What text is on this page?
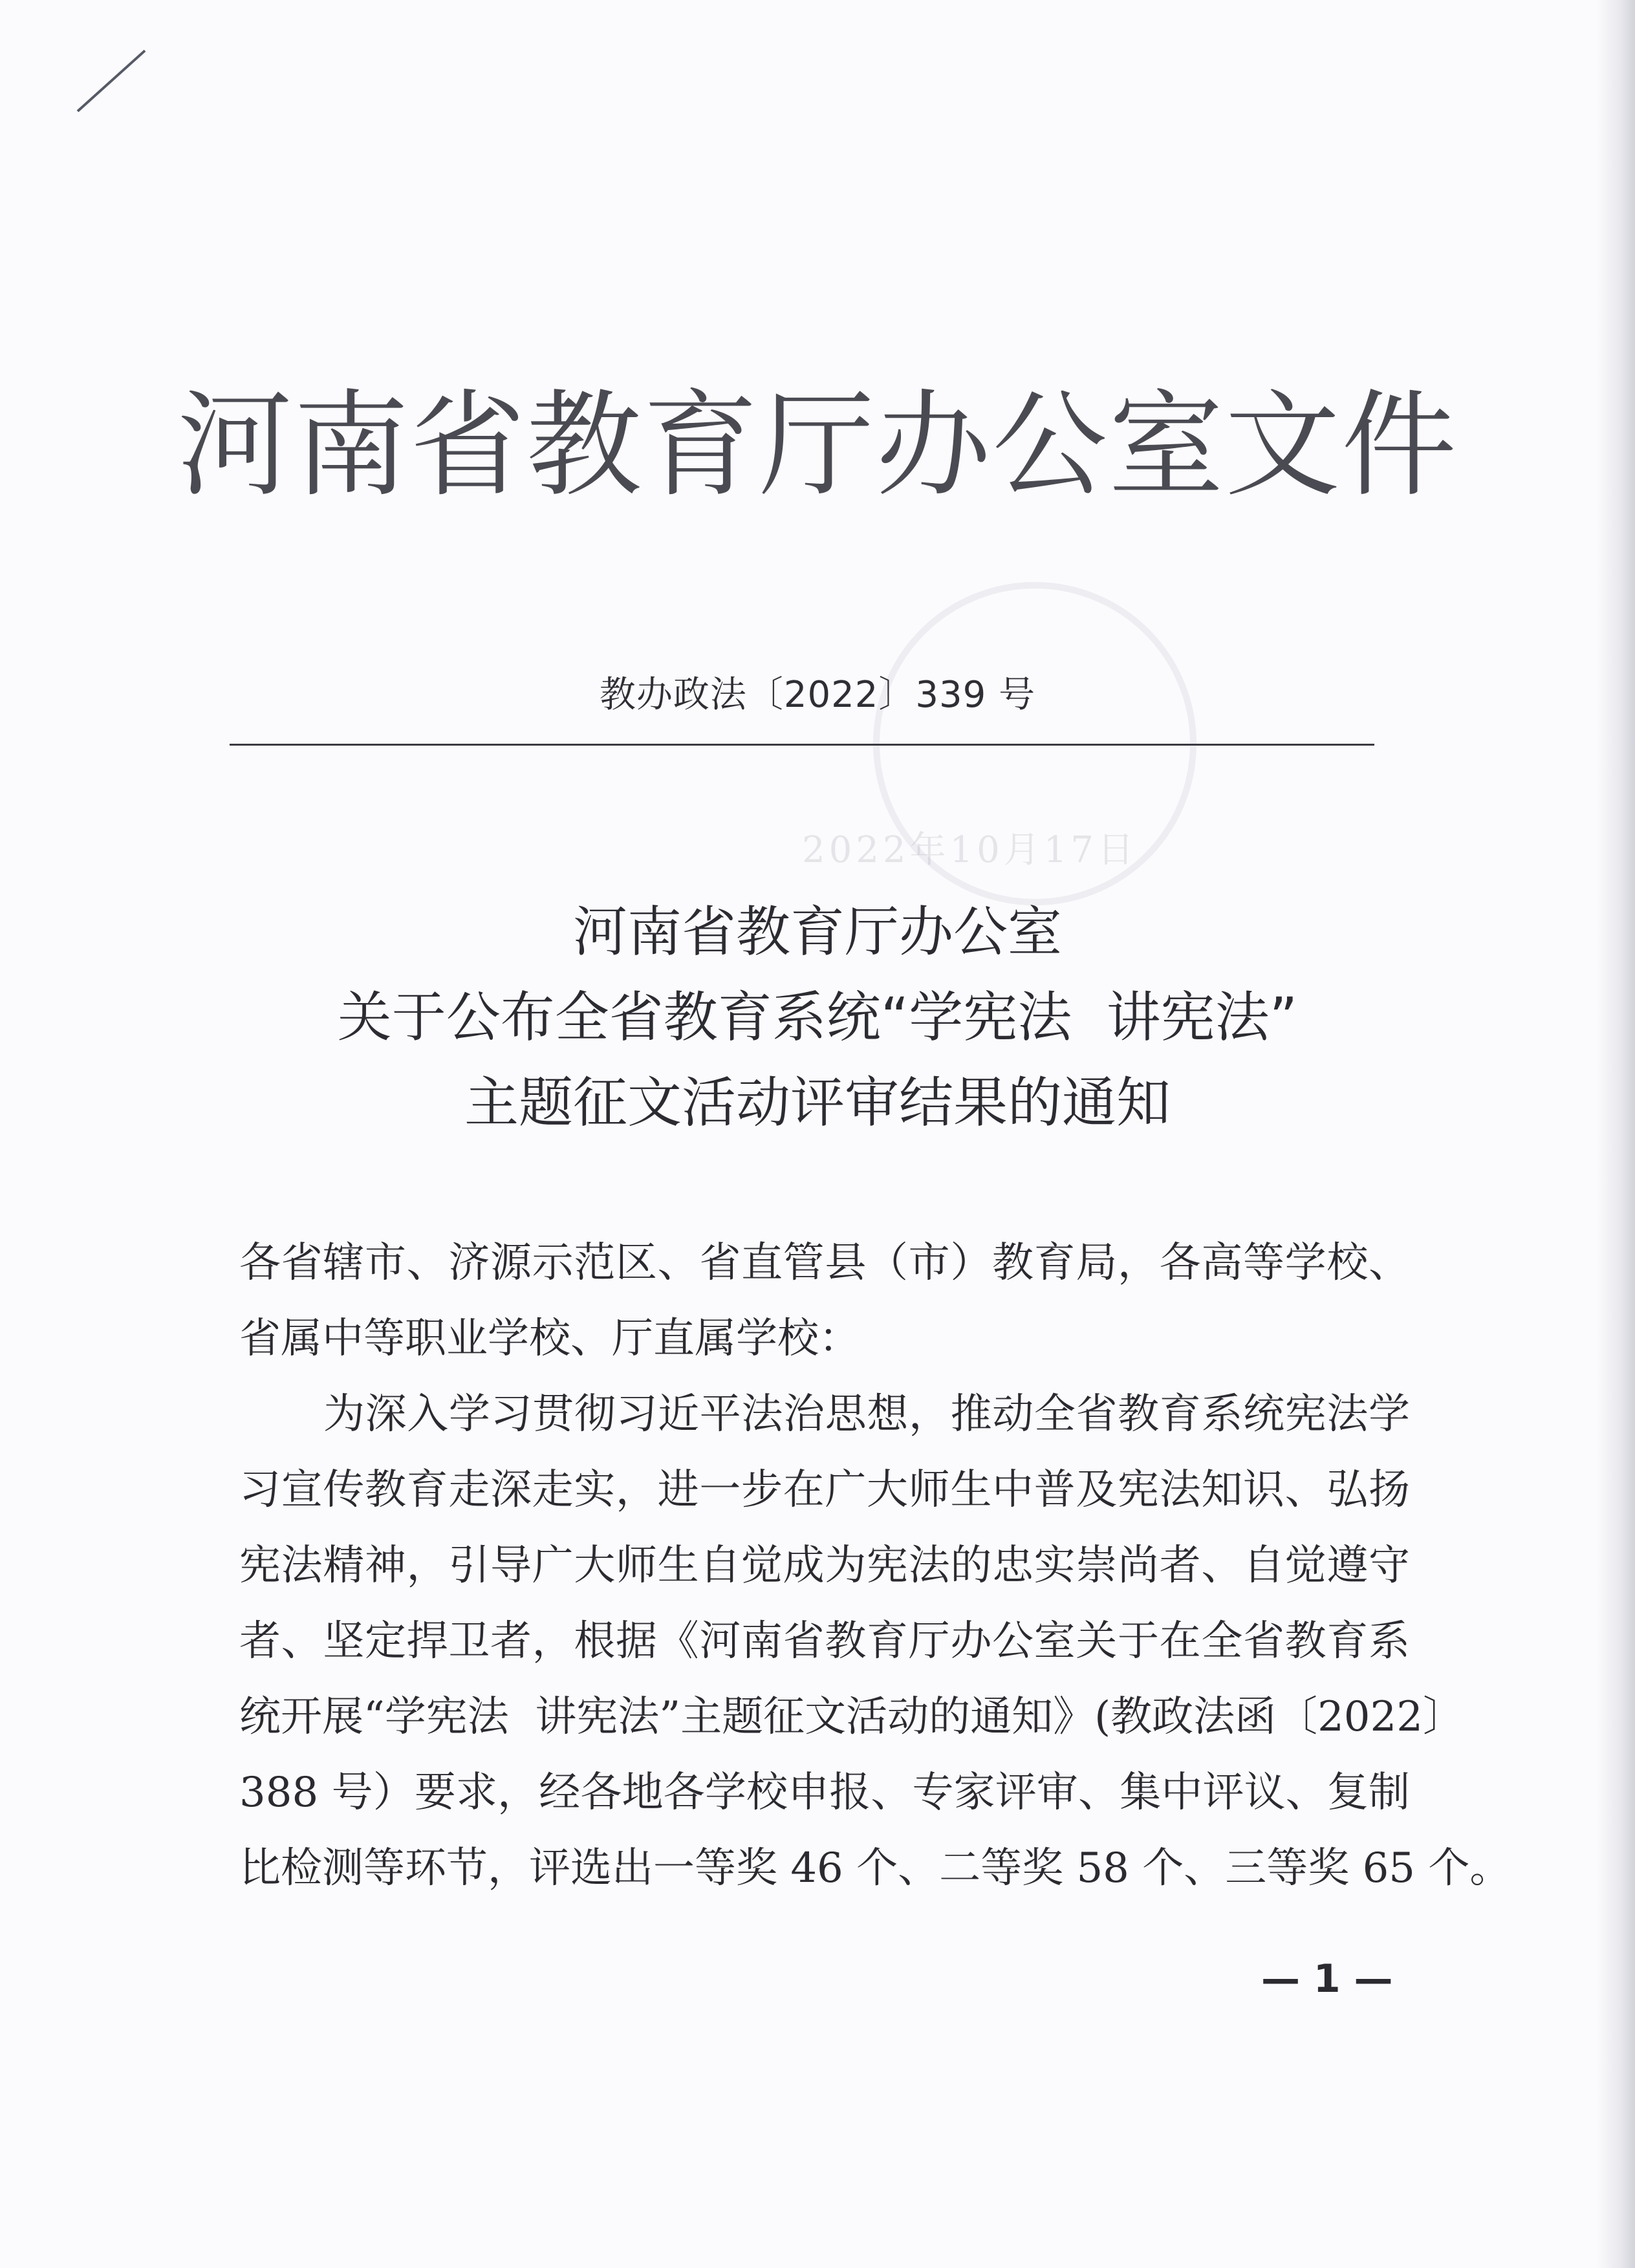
2022年10月17日
河南省教育厅办公室文件
教办政法〔2022〕339 号
河南省教育厅办公室
关于公布全省教育系统“学宪法  讲宪法”
主题征文活动评审结果的通知
各省辖市、济源示范区、省直管县（市）教育局，各高等学校、
省属中等职业学校、厅直属学校：
为深入学习贯彻习近平法治思想，推动全省教育系统宪法学
习宣传教育走深走实，进一步在广大师生中普及宪法知识、弘扬
宪法精神，引导广大师生自觉成为宪法的忠实崇尚者、自觉遵守
者、坚定捍卫者，根据《河南省教育厅办公室关于在全省教育系
统开展“学宪法  讲宪法”主题征文活动的通知》(教政法函〔2022〕
388 号）要求，经各地各学校申报、专家评审、集中评议、复制
比检测等环节，评选出一等奖 46 个、二等奖 58 个、三等奖 65 个。
— 1 —
